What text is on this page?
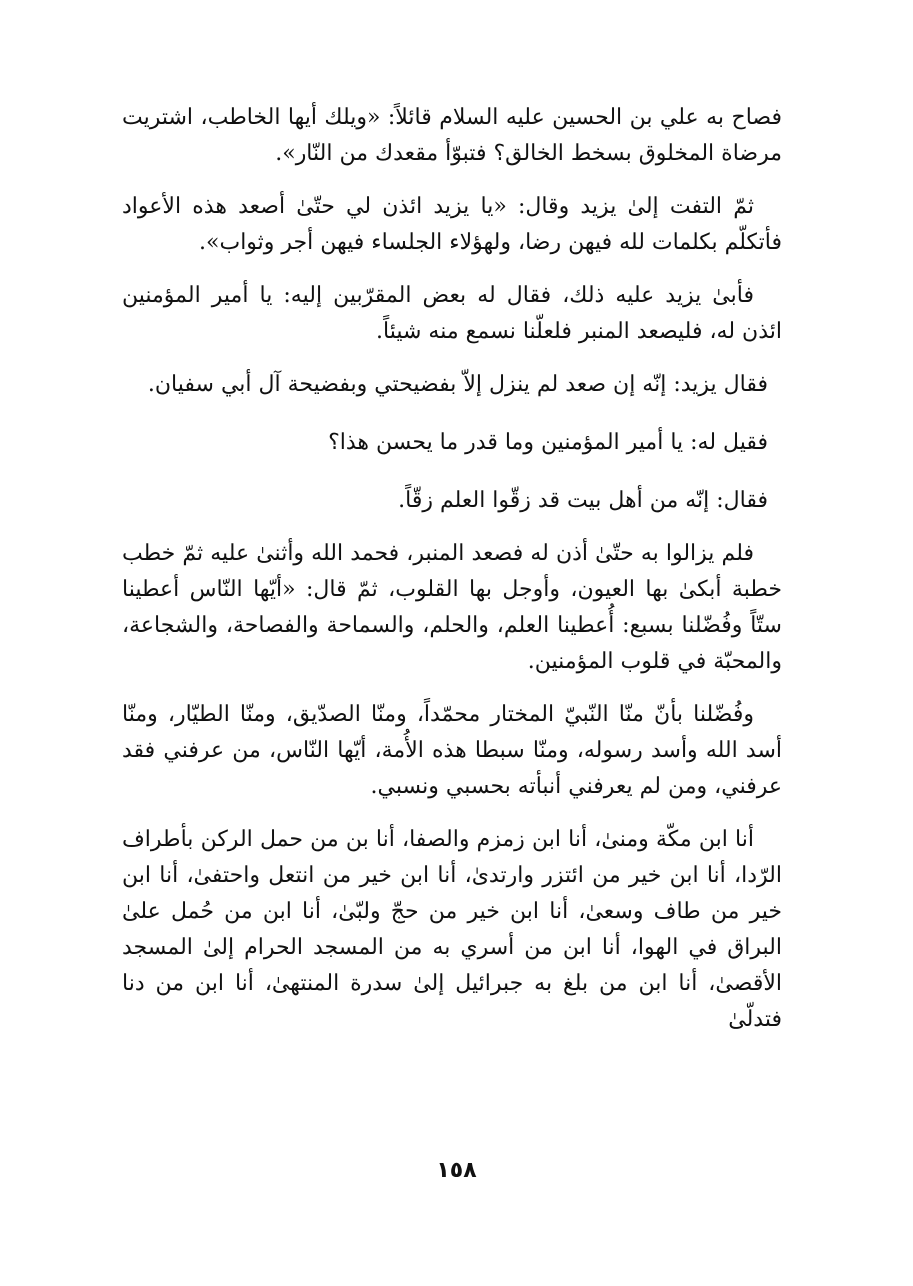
فصاح به علي بن الحسين عليه السلام قائلاً: «ويلك أيها الخاطب، اشتريت مرضاة المخلوق بسخط الخالق؟ فتبوّأ مقعدك من النّار».

ثمّ التفت إلىٰ يزيد وقال: «يا يزيد ائذن لي حتّىٰ أصعد هذه الأعواد فأتكلّم بكلمات لله فيهن رضا، ولهؤلاء الجلساء فيهن أجر وثواب».

فأبىٰ يزيد عليه ذلك، فقال له بعض المقرّبين إليه: يا أمير المؤمنين ائذن له، فليصعد المنبر فلعلّنا نسمع منه شيئاً.

فقال يزيد: إنّه إن صعد لم ينزل إلاّ بفضيحتي وبفضيحة آل أبي سفيان.

فقيل له: يا أمير المؤمنين وما قدر ما يحسن هذا؟

فقال: إنّه من أهل بيت قد زقّوا العلم زقّاً.

فلم يزالوا به حتّىٰ أذن له فصعد المنبر، فحمد الله وأثنىٰ عليه ثمّ خطب خطبة أبكىٰ بها العيون، وأوجل بها القلوب، ثمّ قال: «أيّها النّاس أعطينا ستّاً وفُضّلنا بسبع: أُعطينا العلم، والحلم، والسماحة والفصاحة، والشجاعة، والمحبّة في قلوب المؤمنين.

وفُضّلنا بأنّ منّا النّبيّ المختار محمّداً، ومنّا الصدّيق، ومنّا الطيّار، ومنّا أسد الله وأسد رسوله، ومنّا سبطا هذه الأُمة، أيّها النّاس، من عرفني فقد عرفني، ومن لم يعرفني أنبأته بحسبي ونسبي.

أنا ابن مكّة ومنىٰ، أنا ابن زمزم والصفا، أنا بن من حمل الركن بأطراف الرّدا، أنا ابن خير من ائتزر وارتدىٰ، أنا ابن خير من انتعل واحتفىٰ، أنا ابن خير من طاف وسعىٰ، أنا ابن خير من حجّ ولبّىٰ، أنا ابن من حُمل علىٰ البراق في الهوا، أنا ابن من أسري به من المسجد الحرام إلىٰ المسجد الأقصىٰ، أنا ابن من بلغ به جبرائيل إلىٰ سدرة المنتهىٰ، أنا ابن من دنا فتدلّىٰ

١٥٨
